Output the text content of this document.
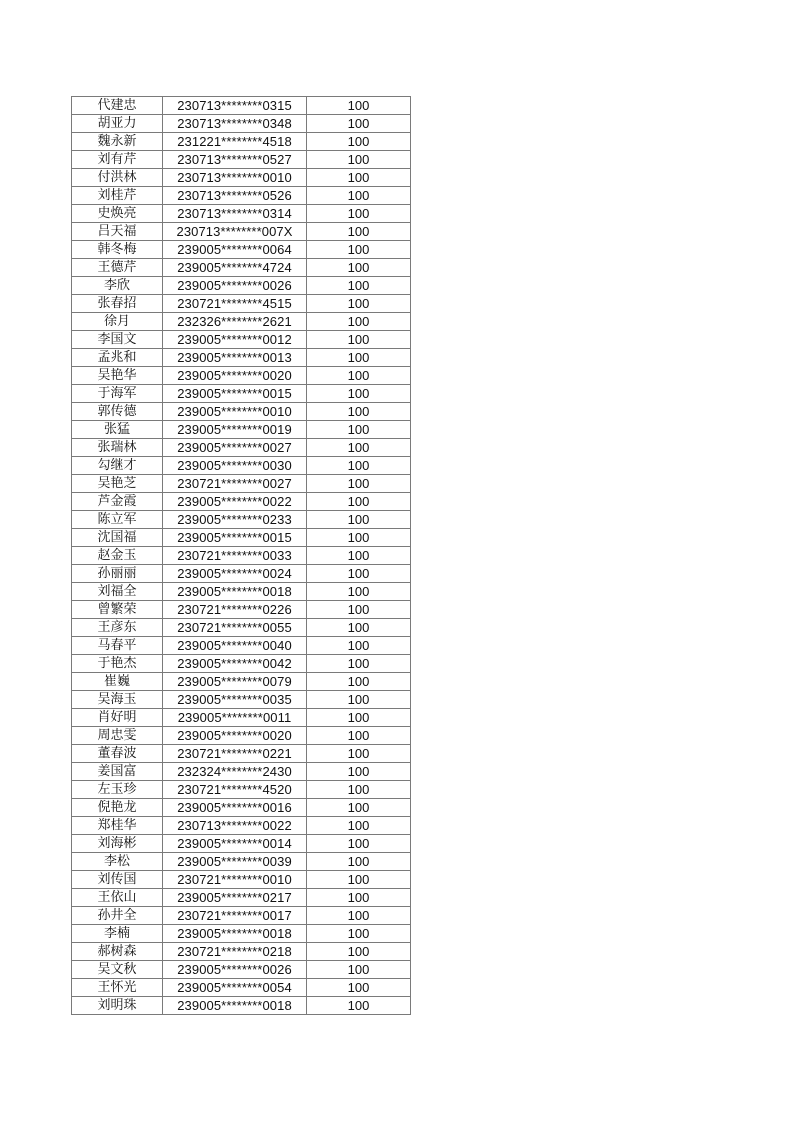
代建忠	230713********0315	100
胡亚力	230713********0348	100
魏永新	231221********4518	100
刘有芹	230713********0527	100
付洪林	230713********0010	100
刘桂芹	230713********0526	100
史焕亮	230713********0314	100
吕天福	230713********007X	100
韩冬梅	239005********0064	100
王德芹	239005********4724	100
李欣	239005********0026	100
张春招	230721********4515	100
徐月	232326********2621	100
李国文	239005********0012	100
孟兆和	239005********0013	100
吴艳华	239005********0020	100
于海军	239005********0015	100
郭传德	239005********0010	100
张猛	239005********0019	100
张瑞林	239005********0027	100
勾继才	239005********0030	100
吴艳芝	230721********0027	100
芦金霞	239005********0022	100
陈立军	239005********0233	100
沈国福	239005********0015	100
赵金玉	230721********0033	100
孙丽丽	239005********0024	100
刘福全	239005********0018	100
曾繁荣	230721********0226	100
王彦东	230721********0055	100
马春平	239005********0040	100
于艳杰	239005********0042	100
崔巍	239005********0079	100
吴海玉	239005********0035	100
肖好明	239005********0011	100
周忠雯	239005********0020	100
董春波	230721********0221	100
姜国富	232324********2430	100
左玉珍	230721********4520	100
倪艳龙	239005********0016	100
郑桂华	230713********0022	100
刘海彬	239005********0014	100
李松	239005********0039	100
刘传国	230721********0010	100
王依山	239005********0217	100
孙井全	230721********0017	100
李楠	239005********0018	100
郝树森	230721********0218	100
吴文秋	239005********0026	100
王怀光	239005********0054	100
刘明珠	239005********0018	100
